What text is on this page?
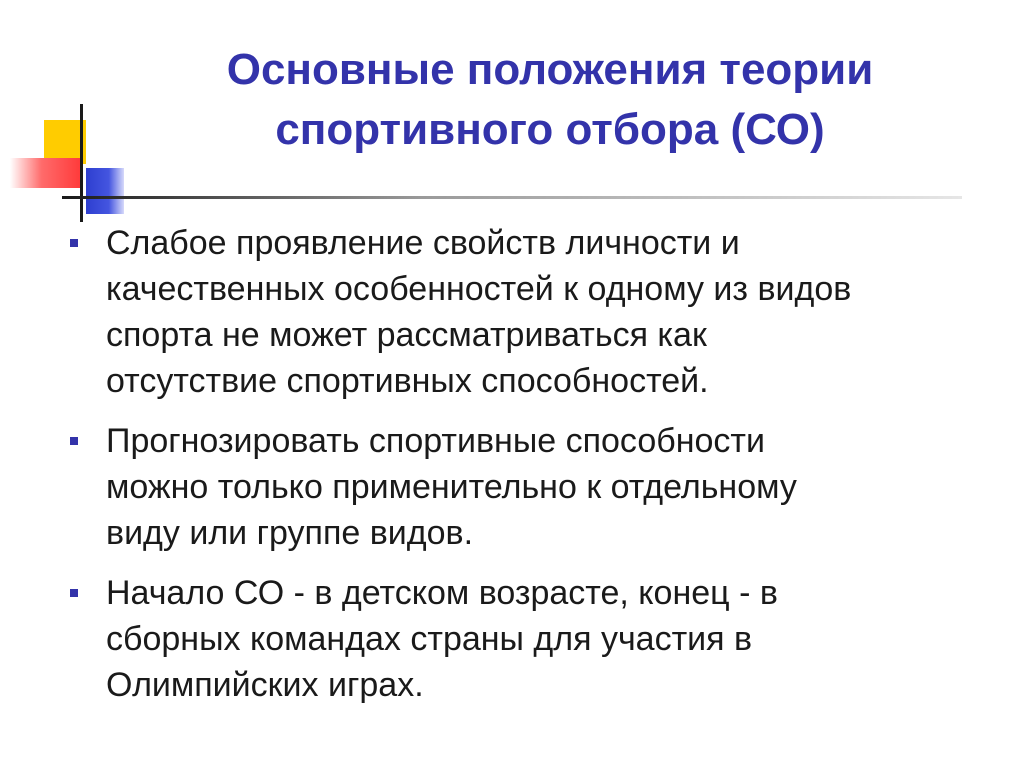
Основные положения теории
спортивного отбора (СО)
Слабое проявление свойств личности и
качественных особенностей к одному из видов
спорта не может рассматриваться как
отсутствие спортивных способностей.
Прогнозировать спортивные способности
можно только применительно к отдельному
виду или группе видов.
Начало СО - в детском возрасте, конец - в
сборных командах страны для участия в
Олимпийских играх.
